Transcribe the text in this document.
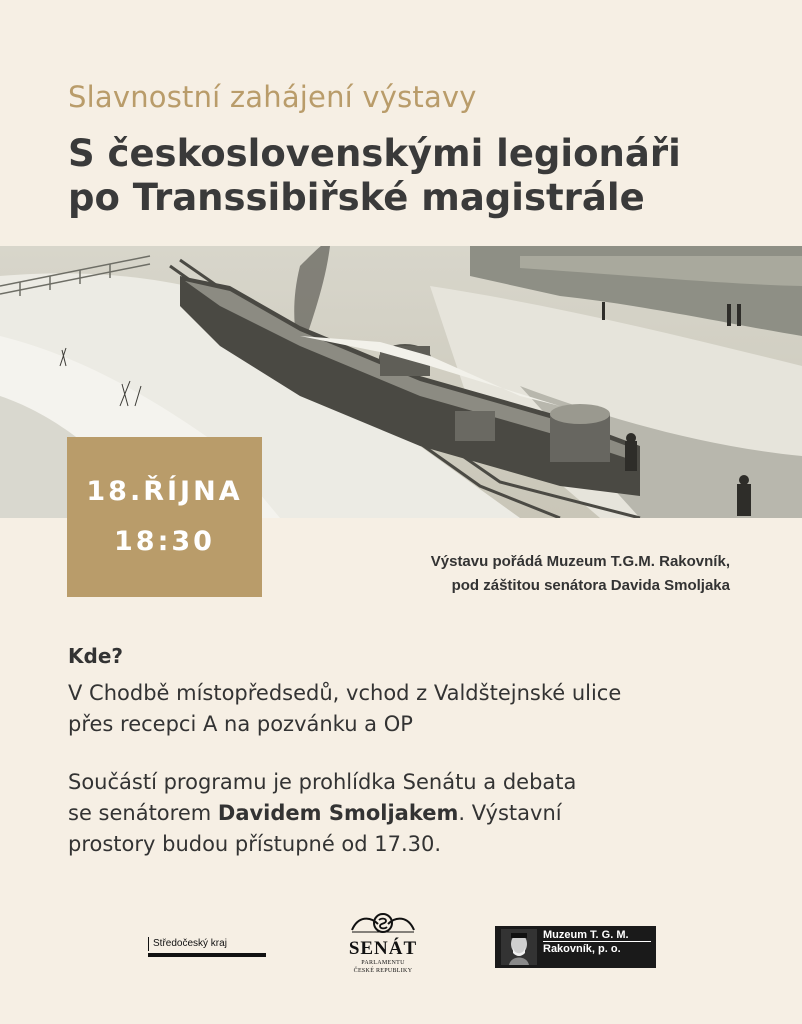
Slavnostní zahájení výstavy
S československými legionáři
po Transsibiřské magistrále
18.ŘÍJNA
18:30
Výstavu pořádá Muzeum T.G.M. Rakovník,
pod záštitou senátora Davida Smoljaka
Kde?
V Chodbě místopředsedů, vchod z Valdštejnské ulice
přes recepci A na pozvánku a OP
Součástí programu je prohlídka Senátu a debata
se senátorem Davidem Smoljakem. Výstavní
prostory budou přístupné od 17.30.
Středočeský kraj	SENÁT
PARLAMENTU
ČESKÉ REPUBLIKY
Muzeum T. G. M.
Rakovník, p. o.
